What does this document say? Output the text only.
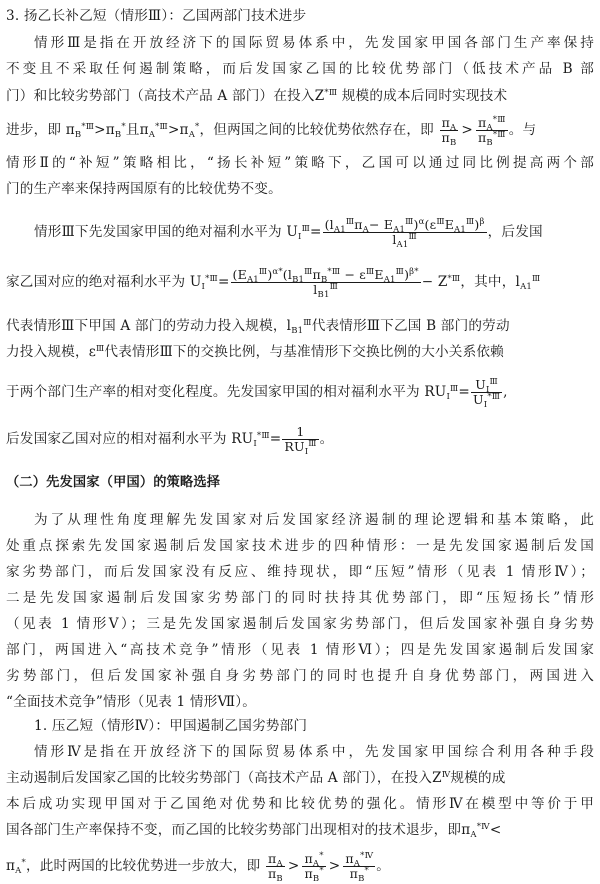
3. 扬乙长补乙短（情形Ⅲ）：乙国两部门技术进步
情形Ⅲ是指在开放经济下的国际贸易体系中，先发国家甲国各部门生产率保持
不变且不采取任何遏制策略，而后发国家乙国的比较优势部门（低技术产品 B 部
门）和比较劣势部门（高技术产品 A 部门）在投入$Z^{*Ⅲ}$ 规模的成本后同时实现技术
进步，即 $\pi_B^{*Ⅲ}>\pi_B^*$且$\pi_A^{*Ⅲ}>\pi_A^*$，但两国之间的比较优势依然存在，即 $\frac{\pi_A}{\pi_B} > \frac{\pi_A^{*Ⅲ}}{\pi_B^{*Ⅲ}}$ 。与
情形Ⅱ的“补短”策略相比，“扬长补短”策略下，乙国可以通过同比例提高两个部
门的生产率来保持两国原有的比较优势不变。
情形Ⅲ下先发国家甲国的绝对福利水平为 $U_Ⅰ^Ⅲ= \frac{(l_{A1}^Ⅲ\pi_A- E_{A1}^Ⅲ)^\alpha(\varepsilon^ⅢE_{A1}^Ⅲ)^\beta}{l_{A1}^Ⅲ}$ ，后发国
家乙国对应的绝对福利水平为 $U_Ⅰ^{*Ⅲ}= \frac{(E_{A1}^Ⅲ)^{\alpha*}(l_{B1}^Ⅲ\pi_B^{*Ⅲ} - \varepsilon^ⅢE_{A1}^Ⅲ)^{\beta*}}{l_{B1}^Ⅲ} - Z^{*Ⅲ}$，其中，$l_{A1}^Ⅲ$
代表情形Ⅲ下甲国 A 部门的劳动力投入规模，$l_{B1}^Ⅲ$代表情形Ⅲ下乙国 B 部门的劳动
力投入规模，$\varepsilon^Ⅲ$代表情形Ⅲ下的交换比例，与基准情形下交换比例的大小关系依赖
于两个部门生产率的相对变化程度。先发国家甲国的相对福利水平为 $RU_Ⅰ^Ⅲ= \frac{U_Ⅰ^Ⅲ}{U_Ⅰ^{*Ⅲ}}$ ,
后发国家乙国对应的相对福利水平为 $RU_Ⅰ^{*Ⅲ}= \frac{1}{RU_Ⅰ^Ⅲ}$ 。
（二）先发国家（甲国）的策略选择
为了从理性角度理解先发国家对后发国家经济遏制的理论逻辑和基本策略，此
处重点探索先发国家遏制后发国家技术进步的四种情形：一是先发国家遏制后发国
家劣势部门，而后发国家没有反应、维持现状，即“压短”情形（见表 1 情形Ⅳ）；
二是先发国家遏制后发国家劣势部门的同时扶持其优势部门，即“压短扬长”情形
（见表 1 情形Ⅴ）；三是先发国家遏制后发国家劣势部门，但后发国家补强自身劣势
部门，两国进入“高技术竞争”情形（见表 1 情形Ⅵ）；四是先发国家遏制后发国家
劣势部门，但后发国家补强自身劣势部门的同时也提升自身优势部门，两国进入
“全面技术竞争”情形（见表 1 情形Ⅶ）。
1. 压乙短（情形Ⅳ）：甲国遏制乙国劣势部门
情形Ⅳ是指在开放经济下的国际贸易体系中，先发国家甲国综合利用各种手段
主动遏制后发国家乙国的比较劣势部门（高技术产品 A 部门），在投入$Z^Ⅳ$规模的成
本后成功实现甲国对于乙国绝对优势和比较优势的强化。情形Ⅳ在模型中等价于甲
国各部门生产率保持不变，而乙国的比较劣势部门出现相对的技术退步，即$\pi_A^{*Ⅳ}<$
$\pi_A^*$，此时两国的比较优势进一步放大，即 $\frac{\pi_A}{\pi_B} > \frac{\pi_A^*}{\pi_B^*} > \frac{\pi_A^{*Ⅳ}}{\pi_B^*}$ 。
